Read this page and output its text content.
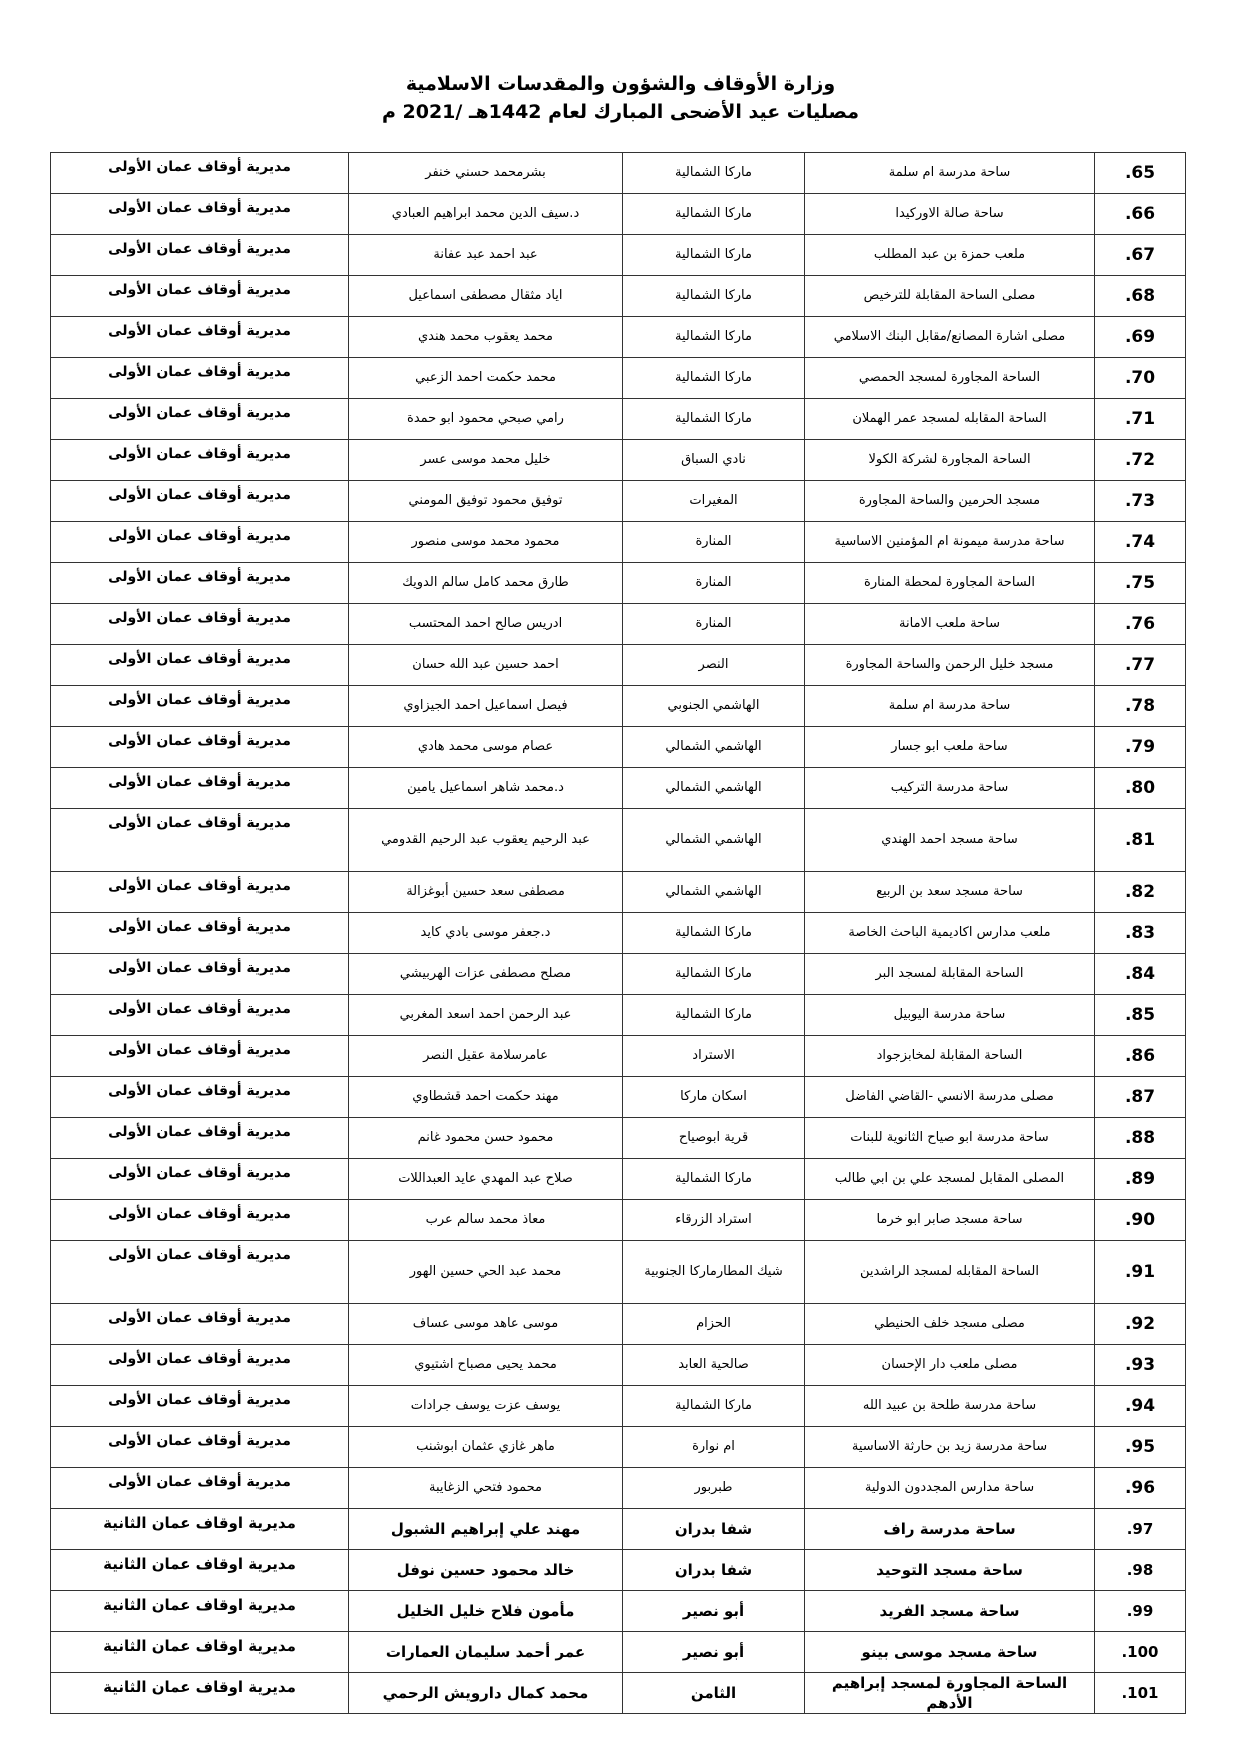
وزارة الأوقاف والشؤون والمقدسات الاسلامية
مصليات عيد الأضحى المبارك لعام 1442هـ /2021 م
.65	ساحة مدرسة ام سلمة	ماركا الشمالية	بشرمحمد حسني خنفر	مديرية أوقاف عمان الأولى
.66	ساحة صالة الاوركيدا	ماركا الشمالية	د.سيف الدين محمد ابراهيم العبادي	مديرية أوقاف عمان الأولى
.67	ملعب حمزة بن عبد المطلب	ماركا الشمالية	عبد احمد عبد عفانة	مديرية أوقاف عمان الأولى
.68	مصلى الساحة المقابلة للترخيص	ماركا الشمالية	اياد مثقال مصطفى اسماعيل	مديرية أوقاف عمان الأولى
.69	مصلى اشارة المصانع/مقابل البنك الاسلامي	ماركا الشمالية	محمد يعقوب محمد هندي	مديرية أوقاف عمان الأولى
.70	الساحة المجاورة لمسجد الحمصي	ماركا الشمالية	محمد حكمت احمد الزعبي	مديرية أوقاف عمان الأولى
.71	الساحة المقابله لمسجد عمر الهملان	ماركا الشمالية	رامي صبحي محمود ابو حمدة	مديرية أوقاف عمان الأولى
.72	الساحة المجاورة لشركة الكولا	نادي السباق	خليل محمد موسى عسر	مديرية أوقاف عمان الأولى
.73	مسجد الحرمين والساحة المجاورة	المغيرات	توفيق محمود توفيق المومني	مديرية أوقاف عمان الأولى
.74	ساحة مدرسة ميمونة ام المؤمنين الاساسية	المنارة	محمود محمد موسى منصور	مديرية أوقاف عمان الأولى
.75	الساحة المجاورة لمحطة المنارة	المنارة	طارق محمد كامل سالم الدويك	مديرية أوقاف عمان الأولى
.76	ساحة ملعب الامانة	المنارة	ادريس صالح احمد المحتسب	مديرية أوقاف عمان الأولى
.77	مسجد خليل الرحمن والساحة المجاورة	النصر	احمد حسين عبد الله حسان	مديرية أوقاف عمان الأولى
.78	ساحة مدرسة ام سلمة	الهاشمي الجنوبي	فيصل اسماعيل احمد الجيزاوي	مديرية أوقاف عمان الأولى
.79	ساحة ملعب ابو جسار	الهاشمي الشمالي	عصام موسى محمد هادي	مديرية أوقاف عمان الأولى
.80	ساحة مدرسة التركيب	الهاشمي الشمالي	د.محمد شاهر اسماعيل يامين	مديرية أوقاف عمان الأولى
.81	ساحة مسجد احمد الهندي	الهاشمي الشمالي	عبد الرحيم يعقوب عبد الرحيم القدومي	مديرية أوقاف عمان الأولى
.82	ساحة مسجد سعد بن الربيع	الهاشمي الشمالي	مصطفى سعد حسين أبوغزالة	مديرية أوقاف عمان الأولى
.83	ملعب مدارس اكاديمية الباحث الخاصة	ماركا الشمالية	د.جعفر موسى بادي كايد	مديرية أوقاف عمان الأولى
.84	الساحة المقابلة لمسجد البر	ماركا الشمالية	مصلح مصطفى عزات الهربيشي	مديرية أوقاف عمان الأولى
.85	ساحة مدرسة اليوبيل	ماركا الشمالية	عبد الرحمن احمد اسعد المغربي	مديرية أوقاف عمان الأولى
.86	الساحة المقابلة لمخابزجواد	الاستراد	عامرسلامة عقيل النصر	مديرية أوقاف عمان الأولى
.87	مصلى مدرسة الانسي -القاضي الفاضل	اسكان ماركا	مهند حكمت احمد قشطاوي	مديرية أوقاف عمان الأولى
.88	ساحة مدرسة ابو صياح الثانوية للبنات	قرية ابوصياح	محمود حسن محمود غانم	مديرية أوقاف عمان الأولى
.89	المصلى المقابل لمسجد علي بن ابي طالب	ماركا الشمالية	صلاح عبد المهدي عايد العبداللات	مديرية أوقاف عمان الأولى
.90	ساحة مسجد صابر ابو خرما	استراد الزرقاء	معاذ محمد سالم عرب	مديرية أوقاف عمان الأولى
.91	الساحة المقابله لمسجد الراشدين	شيك المطارماركا الجنوبية	محمد عبد الحي حسين الهور	مديرية أوقاف عمان الأولى
.92	مصلى مسجد خلف الحنيطي	الحزام	موسى عاهد موسى عساف	مديرية أوقاف عمان الأولى
.93	مصلى ملعب دار الإحسان	صالحية العابد	محمد يحيى مصباح اشتيوي	مديرية أوقاف عمان الأولى
.94	ساحة مدرسة طلحة بن عبيد الله	ماركا الشمالية	يوسف عزت يوسف جرادات	مديرية أوقاف عمان الأولى
.95	ساحة مدرسة زيد بن حارثة الاساسية	ام نوارة	ماهر غازي عثمان ابوشنب	مديرية أوقاف عمان الأولى
.96	ساحة مدارس المجددون الدولية	طبربور	محمود فتحي الزغايبة	مديرية أوقاف عمان الأولى
.97	ساحة مدرسة راف	شفا بدران	مهند علي إبراهيم الشبول	مديرية اوقاف عمان الثانية
.98	ساحة مسجد التوحيد	شفا بدران	خالد محمود حسين نوفل	مديرية اوقاف عمان الثانية
.99	ساحة مسجد الفريد	أبو نصير	مأمون فلاح خليل الخليل	مديرية اوقاف عمان الثانية
.100	ساحة مسجد موسى بينو	أبو نصير	عمر أحمد سليمان العمارات	مديرية اوقاف عمان الثانية
.101	الساحة المجاورة لمسجد إبراهيم الأدهم	الثامن	محمد كمال دارويش الرحمي	مديرية اوقاف عمان الثانية
